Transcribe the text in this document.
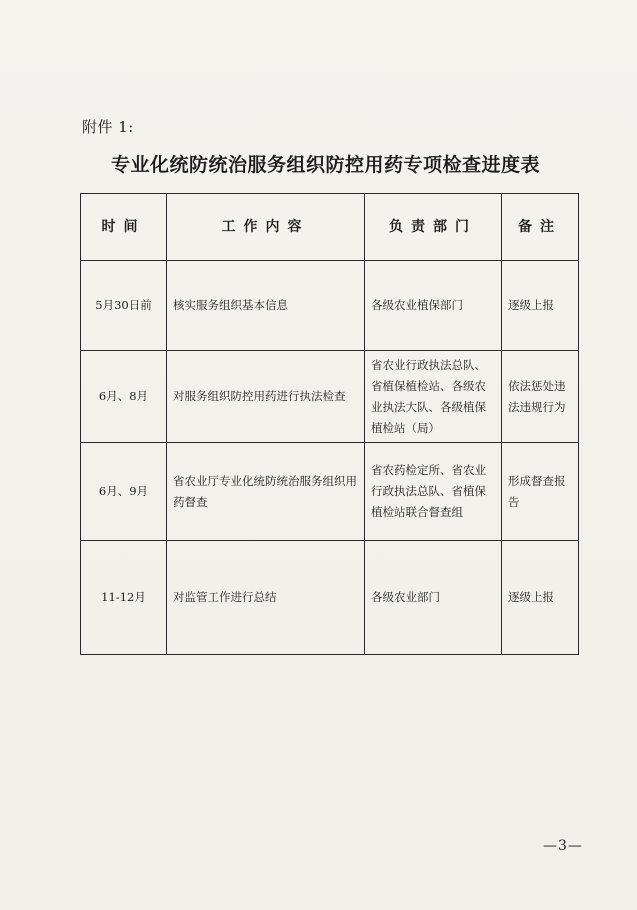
附件 1:
专业化统防统治服务组织防控用药专项检查进度表
时间	工作内容	负责部门	备注
5月30日前	核实服务组织基本信息	各级农业植保部门	逐级上报
6月、8月	对服务组织防控用药进行执法检查	省农业行政执法总队、省植保植检站、各级农业执法大队、各级植保植检站（局）	依法惩处违法违规行为
6月、9月	省农业厅专业化统防统治服务组织用药督查	省农药检定所、省农业行政执法总队、省植保植检站联合督查组	形成督查报告
11-12月	对监管工作进行总结	各级农业部门	逐级上报
—3—
